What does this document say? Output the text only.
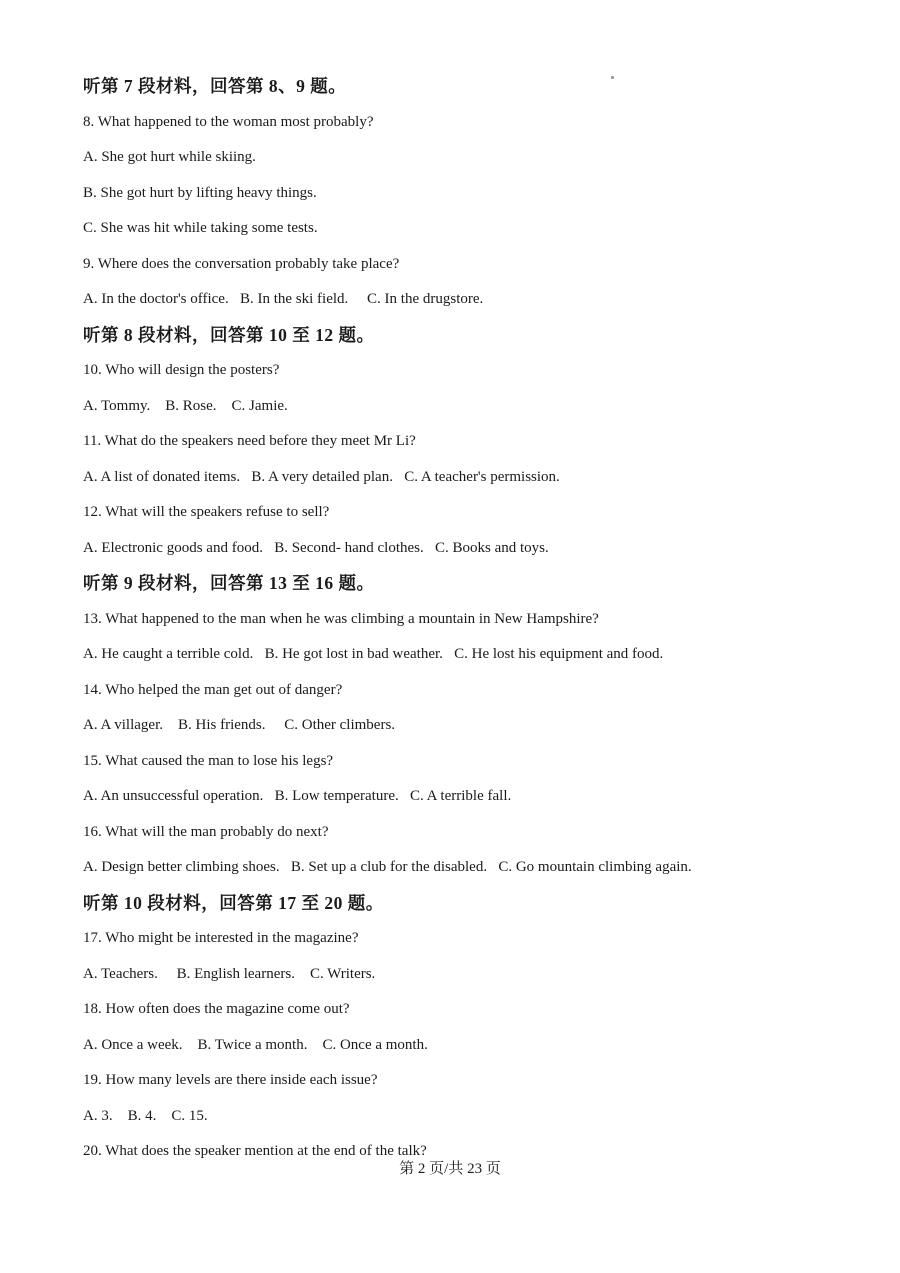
听第 7 段材料，回答第 8、9 题。
8. What happened to the woman most probably?
A. She got hurt while skiing.
B. She got hurt by lifting heavy things.
C. She was hit while taking some tests.
9. Where does the conversation probably take place?
A. In the doctor's office.   B. In the ski field.     C. In the drugstore.
听第 8 段材料，回答第 10 至 12 题。
10. Who will design the posters?
A. Tommy.    B. Rose.    C. Jamie.
11. What do the speakers need before they meet Mr Li?
A. A list of donated items.   B. A very detailed plan.   C. A teacher's permission.
12. What will the speakers refuse to sell?
A. Electronic goods and food.   B. Second- hand clothes.   C. Books and toys.
听第 9 段材料，回答第 13 至 16 题。
13. What happened to the man when he was climbing a mountain in New Hampshire?
A. He caught a terrible cold.   B. He got lost in bad weather.   C. He lost his equipment and food.
14. Who helped the man get out of danger?
A. A villager.    B. His friends.     C. Other climbers.
15. What caused the man to lose his legs?
A. An unsuccessful operation.   B. Low temperature.   C. A terrible fall.
16. What will the man probably do next?
A. Design better climbing shoes.   B. Set up a club for the disabled.   C. Go mountain climbing again.
听第 10 段材料，回答第 17 至 20 题。
17. Who might be interested in the magazine?
A. Teachers.     B. English learners.    C. Writers.
18. How often does the magazine come out?
A. Once a week.    B. Twice a month.    C. Once a month.
19. How many levels are there inside each issue?
A. 3.    B. 4.    C. 15.
20. What does the speaker mention at the end of the talk?
第 2 页/共 23 页
